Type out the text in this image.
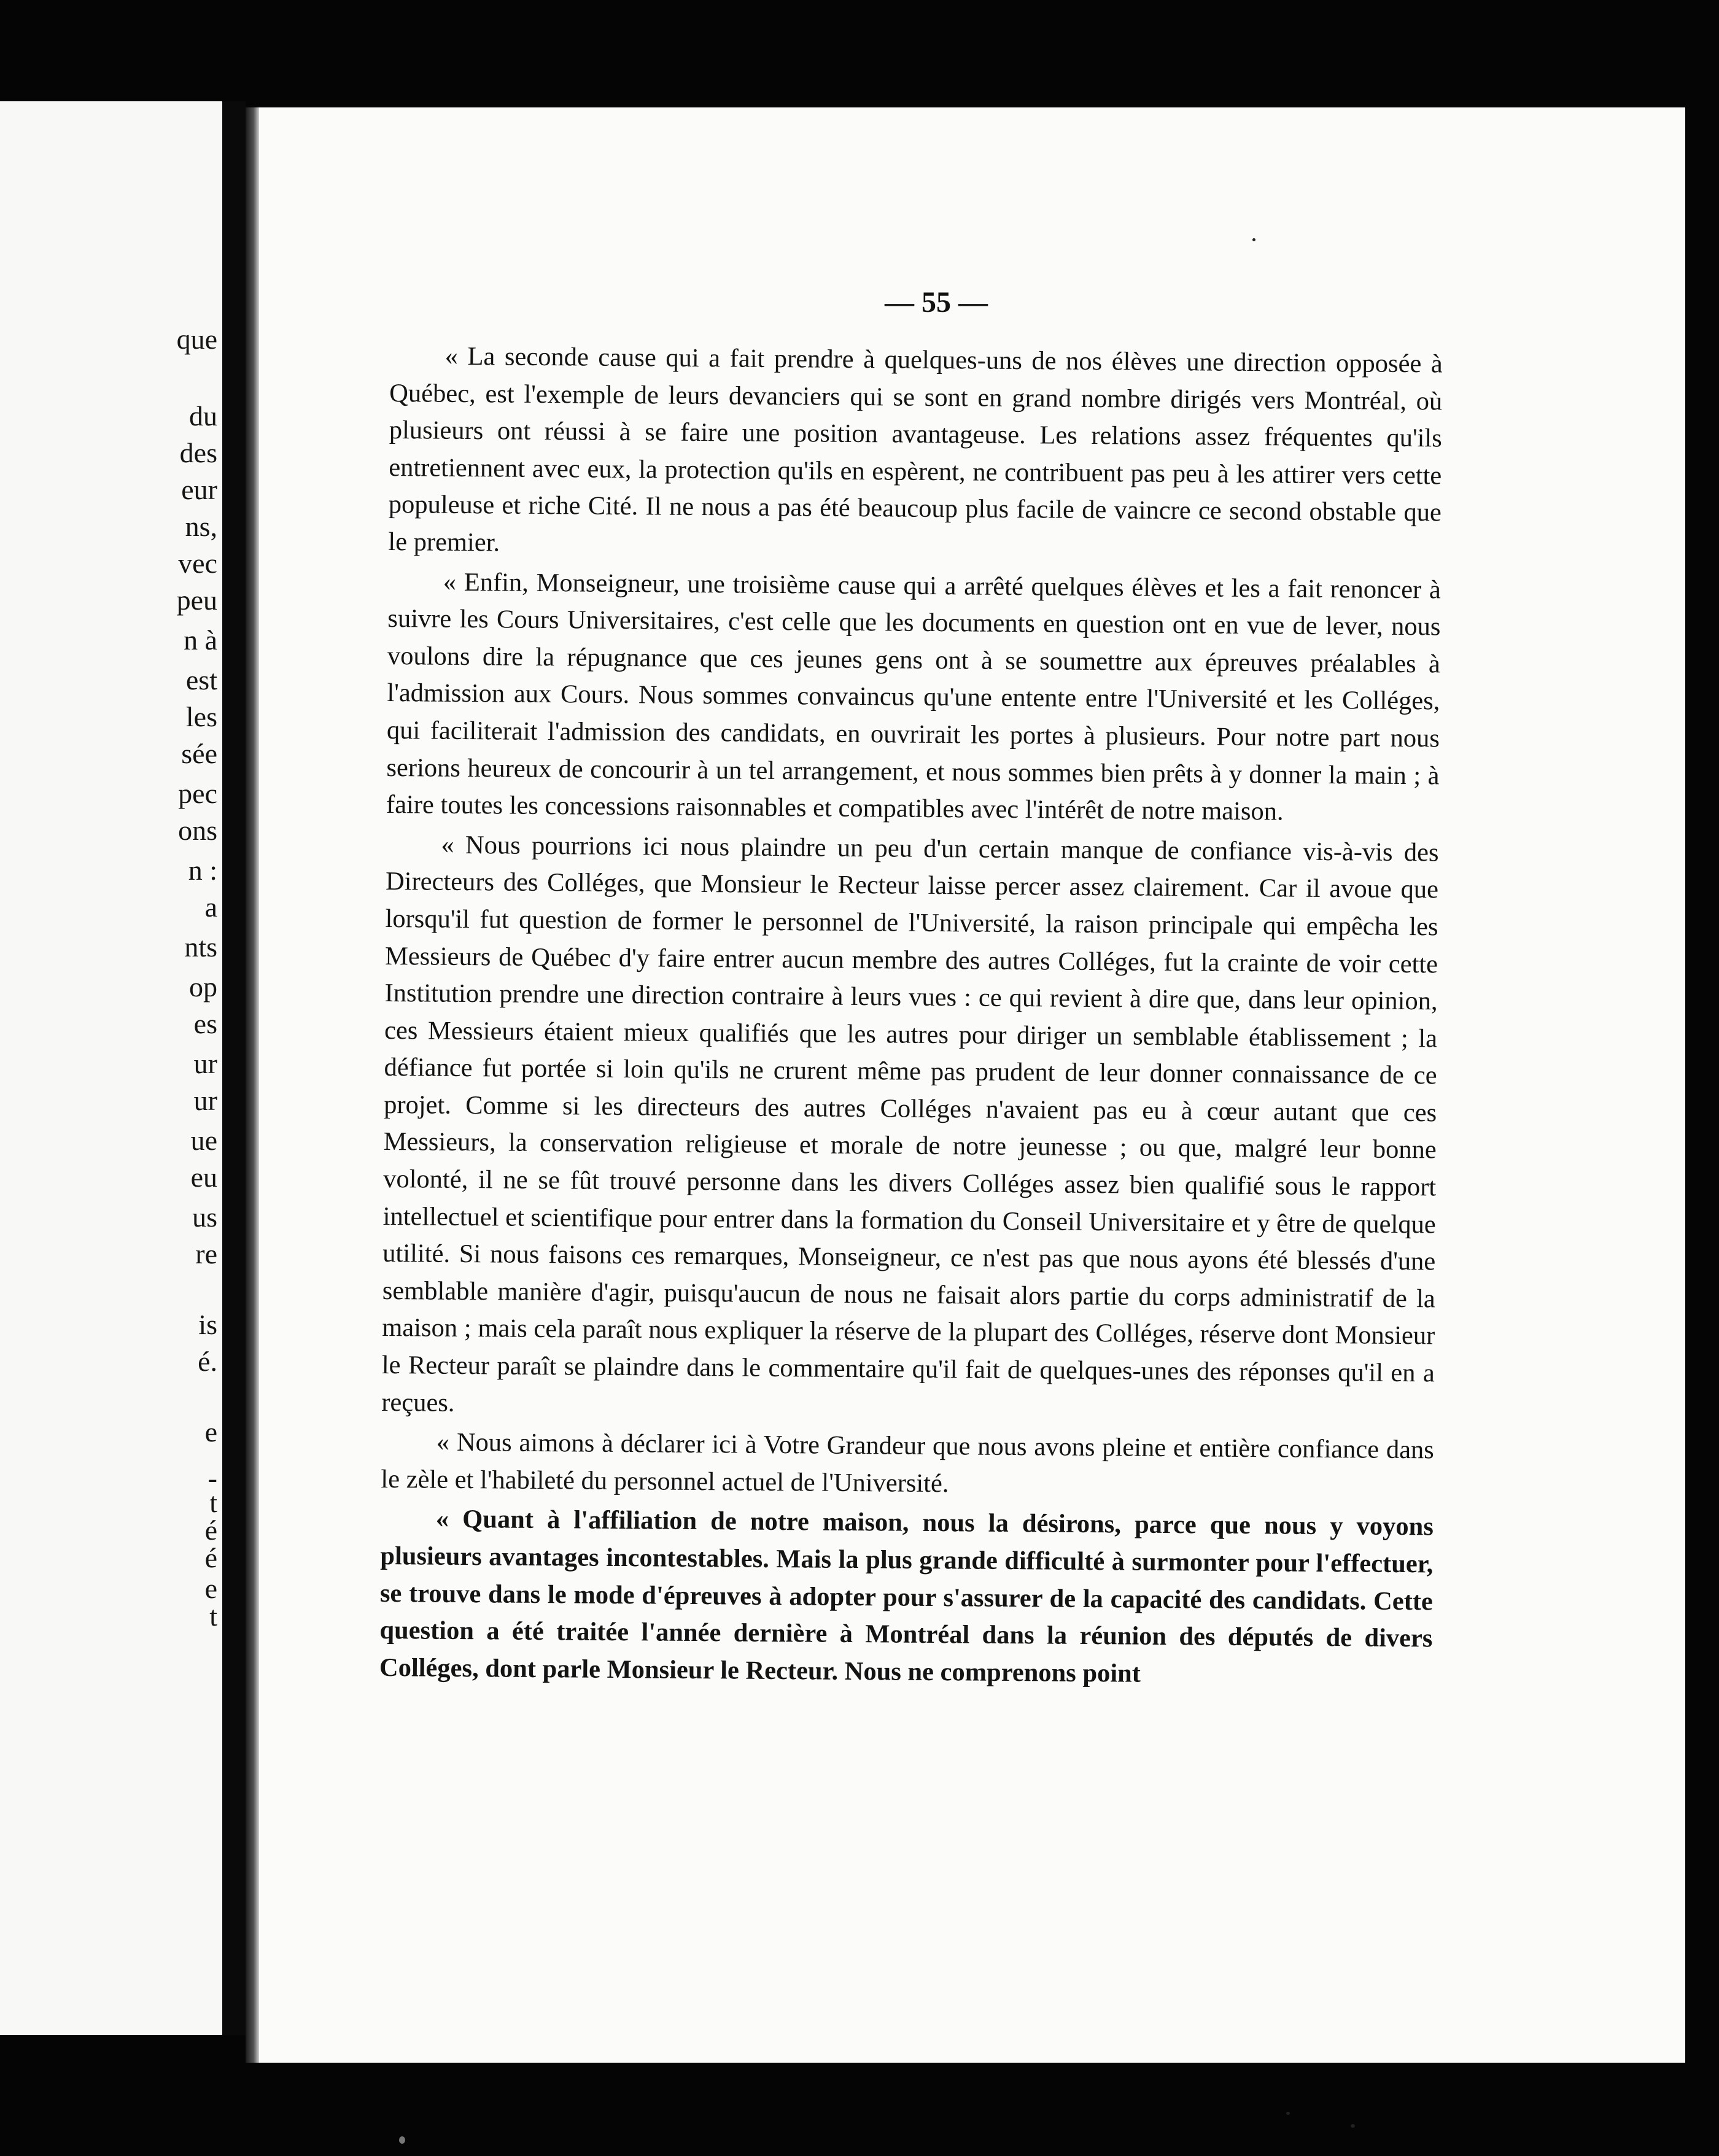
que
du
des
eur
ns,
vec
peu
n à
est
les
sée
pec
ons
n :
a
nts
op
es
ur
ur
ue
eu
us
re
is
é.
e
-
t
é
é
e
t
— 55 —

« La seconde cause qui a fait prendre à quelques-uns de nos élèves une direction opposée à Québec, est l'exemple de leurs devanciers qui se sont en grand nombre dirigés vers Montréal, où plusieurs ont réussi à se faire une position avantageuse. Les relations assez fréquentes qu'ils entretiennent avec eux, la protection qu'ils en espèrent, ne contribuent pas peu à les attirer vers cette populeuse et riche Cité. Il ne nous a pas été beaucoup plus facile de vaincre ce second obstable que le premier.

« Enfin, Monseigneur, une troisième cause qui a arrêté quelques élèves et les a fait renoncer à suivre les Cours Universitaires, c'est celle que les documents en question ont en vue de lever, nous voulons dire la répugnance que ces jeunes gens ont à se soumettre aux épreuves préalables à l'admission aux Cours. Nous sommes convaincus qu'une entente entre l'Université et les Colléges, qui faciliterait l'admission des candidats, en ouvrirait les portes à plusieurs. Pour notre part nous serions heureux de concourir à un tel arrangement, et nous sommes bien prêts à y donner la main ; à faire toutes les concessions raisonnables et compatibles avec l'intérêt de notre maison.

« Nous pourrions ici nous plaindre un peu d'un certain manque de confiance vis-à-vis des Directeurs des Colléges, que Monsieur le Recteur laisse percer assez clairement. Car il avoue que lorsqu'il fut question de former le personnel de l'Université, la raison principale qui empêcha les Messieurs de Québec d'y faire entrer aucun membre des autres Colléges, fut la crainte de voir cette Institution prendre une direction contraire à leurs vues : ce qui revient à dire que, dans leur opinion, ces Messieurs étaient mieux qualifiés que les autres pour diriger un semblable établissement ; la défiance fut portée si loin qu'ils ne crurent même pas prudent de leur donner connaissance de ce projet. Comme si les directeurs des autres Colléges n'avaient pas eu à cœur autant que ces Messieurs, la conservation religieuse et morale de notre jeunesse ; ou que, malgré leur bonne volonté, il ne se fût trouvé personne dans les divers Colléges assez bien qualifié sous le rapport intellectuel et scientifique pour entrer dans la formation du Conseil Universitaire et y être de quelque utilité. Si nous faisons ces remarques, Monseigneur, ce n'est pas que nous ayons été blessés d'une semblable manière d'agir, puisqu'aucun de nous ne faisait alors partie du corps administratif de la maison ; mais cela paraît nous expliquer la réserve de la plupart des Colléges, réserve dont Monsieur le Recteur paraît se plaindre dans le commentaire qu'il fait de quelques-unes des réponses qu'il en a reçues.

« Nous aimons à déclarer ici à Votre Grandeur que nous avons pleine et entière confiance dans le zèle et l'habileté du personnel actuel de l'Université.

« Quant à l'affiliation de notre maison, nous la désirons, parce que nous y voyons plusieurs avantages incontestables. Mais la plus grande difficulté à surmonter pour l'effectuer, se trouve dans le mode d'épreuves à adopter pour s'assurer de la capacité des candidats. Cette question a été traitée l'année dernière à Montréal dans la réunion des députés de divers Colléges, dont parle Monsieur le Recteur. Nous ne comprenons point
